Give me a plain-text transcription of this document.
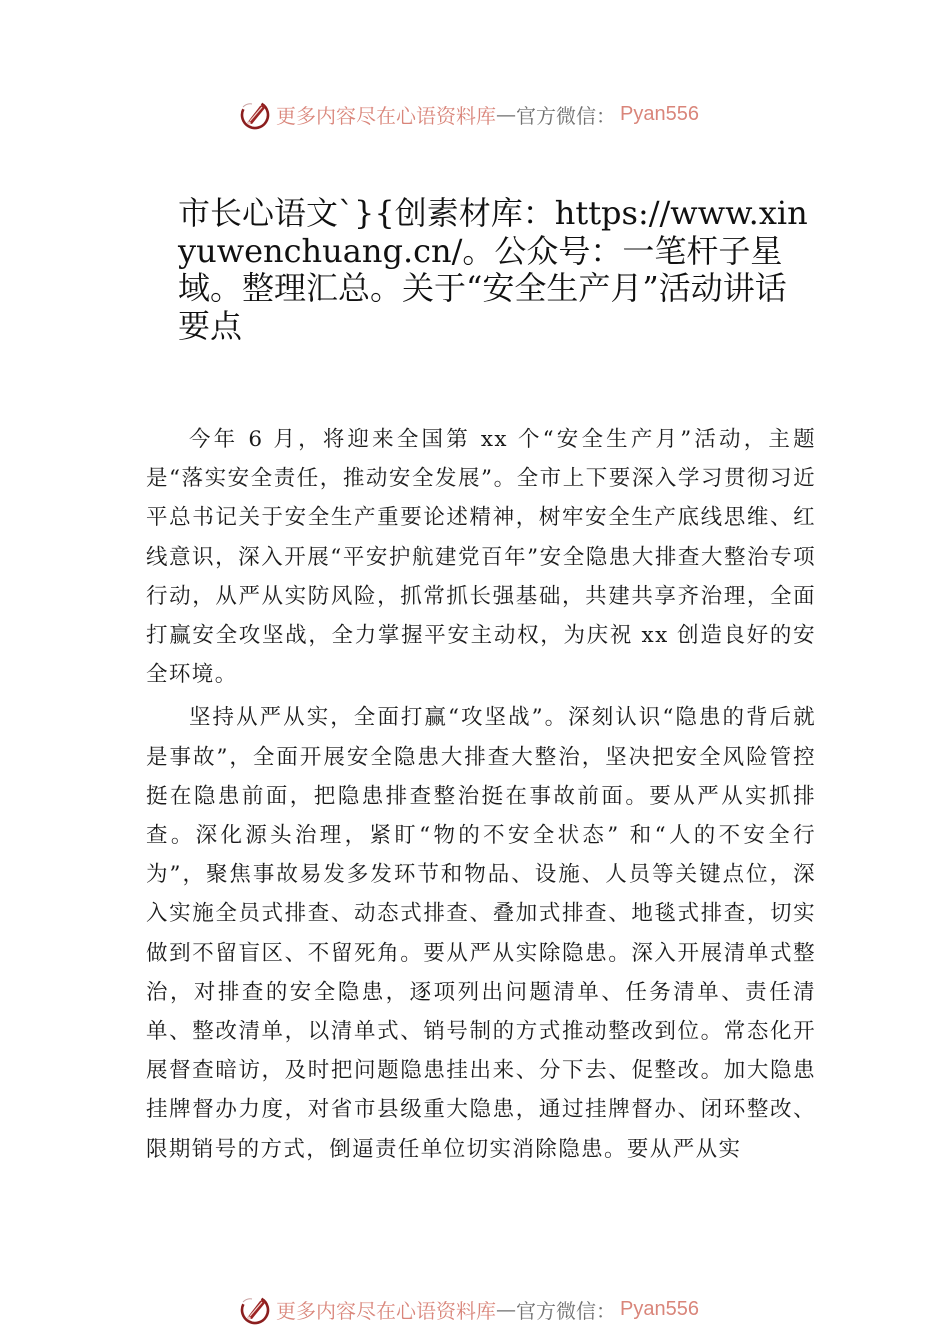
更多内容尽在心语资料库 — 官方微信： Pyan556
市长心语文`}{创素材库：https://www.xinyuwenchuang.cn/。公众号：一笔杆子星域。整理汇总。关于“安全生产月”活动讲话要点

今年 6 月，将迎来全国第 xx 个“安全生产月”活动，主题是“落实安全责任，推动安全发展”。全市上下要深入学习贯彻习近平总书记关于安全生产重要论述精神，树牢安全生产底线思维、红线意识，深入开展“平安护航建党百年”安全隐患大排查大整治专项行动，从严从实防风险，抓常抓长强基础，共建共享齐治理，全面打赢安全攻坚战，全力掌握平安主动权，为庆祝 xx 创造良好的安全环境。

坚持从严从实，全面打赢“攻坚战”。深刻认识“隐患的背后就是事故”，全面开展安全隐患大排查大整治，坚决把安全风险管控挺在隐患前面，把隐患排查整治挺在事故前面。要从严从实抓排查。深化源头治理，紧盯“物的不安全状态” 和“人的不安全行为”，聚焦事故易发多发环节和物品、设施、人员等关键点位，深入实施全员式排查、动态式排查、叠加式排查、地毯式排查，切实做到不留盲区、不留死角。要从严从实除隐患。深入开展清单式整治，对排查的安全隐患，逐项列出问题清单、任务清单、责任清单、整改清单，以清单式、销号制的方式推动整改到位。常态化开展督查暗访，及时把问题隐患挂出来、分下去、促整改。加大隐患挂牌督办力度，对省市县级重大隐患，通过挂牌督办、闭环整改、限期销号的方式，倒逼责任单位切实消除隐患。要从严从实

更多内容尽在心语资料库 — 官方微信： Pyan556
